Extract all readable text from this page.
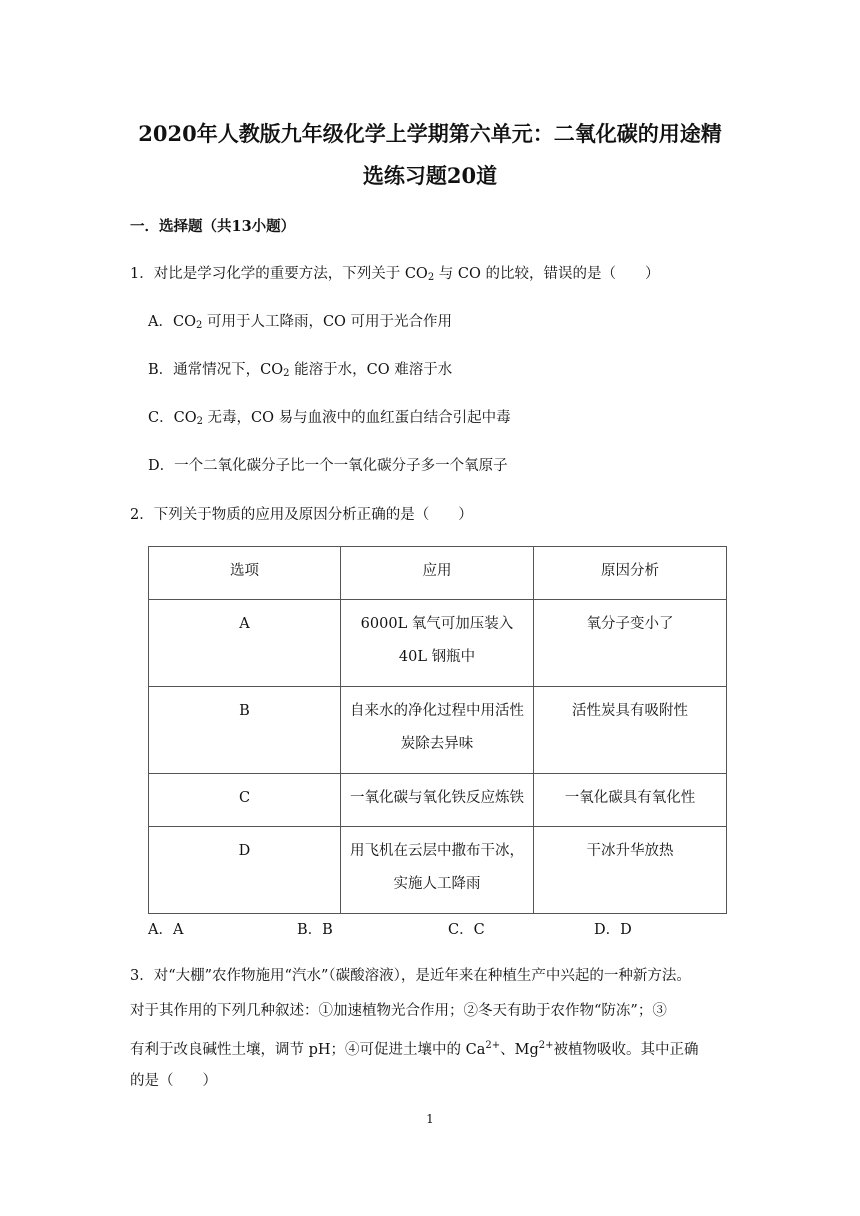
2020年人教版九年级化学上学期第六单元：二氧化碳的用途精
选练习题20道
一．选择题（共13小题）
1．对比是学习化学的重要方法，下列关于 $CO_2$ 与 CO 的比较，错误的是（　　）
A．$CO_2$ 可用于人工降雨，CO 可用于光合作用
B．通常情况下，$CO_2$ 能溶于水，CO 难溶于水
C．$CO_2$ 无毒，CO 易与血液中的血红蛋白结合引起中毒
D．一个二氧化碳分子比一个一氧化碳分子多一个氧原子
2．下列关于物质的应用及原因分析正确的是（　　）
选项	应用	原因分析
A	6000L 氧气可加压装入 40L 钢瓶中	氧分子变小了
B	自来水的净化过程中用活性炭除去异味	活性炭具有吸附性
C	一氧化碳与氧化铁反应炼铁	一氧化碳具有氧化性
D	用飞机在云层中撒布干冰，实施人工降雨	干冰升华放热
A．A	B．B	C．C	D．D
3．对“大棚”农作物施用“汽水”（碳酸溶液），是近年来在种植生产中兴起的一种新方法。
对于其作用的下列几种叙述：①加速植物光合作用；②冬天有助于农作物“防冻”；③
有利于改良碱性土壤，调节 pH；④可促进土壤中的 $Ca^{2+}$、$Mg^{2+}$被植物吸收。其中正确
的是（　　）
1
